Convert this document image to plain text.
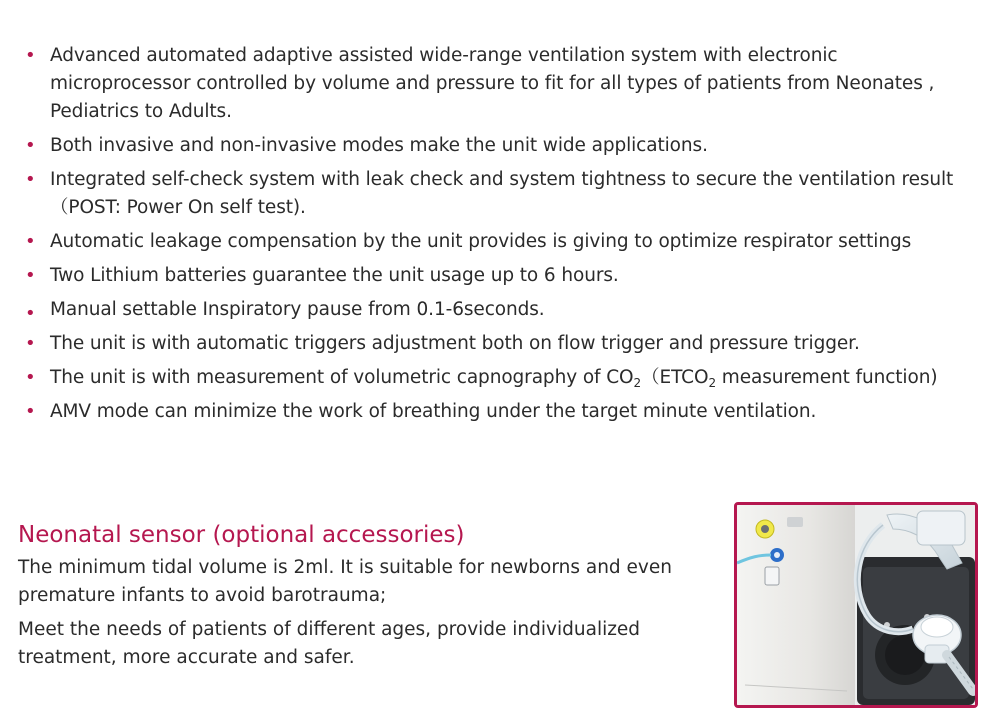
• Advanced automated adaptive assisted wide-range ventilation system with electronic microprocessor controlled by volume and pressure to fit for all types of patients from Neonates , Pediatrics to Adults.
• Both invasive and non-invasive modes make the unit wide applications.
• Integrated self-check system with leak check and system tightness to secure the ventilation result（POST: Power On self test).
• Automatic leakage compensation by the unit provides is giving to optimize respirator settings
• Two Lithium batteries guarantee the unit usage up to 6 hours.
• Manual settable Inspiratory pause from 0.1-6seconds.
• The unit is with automatic triggers adjustment both on flow trigger and pressure trigger.
• The unit is with measurement of volumetric capnography of $CO_2(ETCO_2$ measurement function)
• AMV mode can minimize the work of breathing under the target minute ventilation.
Neonatal sensor (optional accessories)

The minimum tidal volume is 2ml. It is suitable for newborns and even premature infants to avoid barotrauma;

Meet the needs of patients of different ages, provide individualized treatment, more accurate and safer.
